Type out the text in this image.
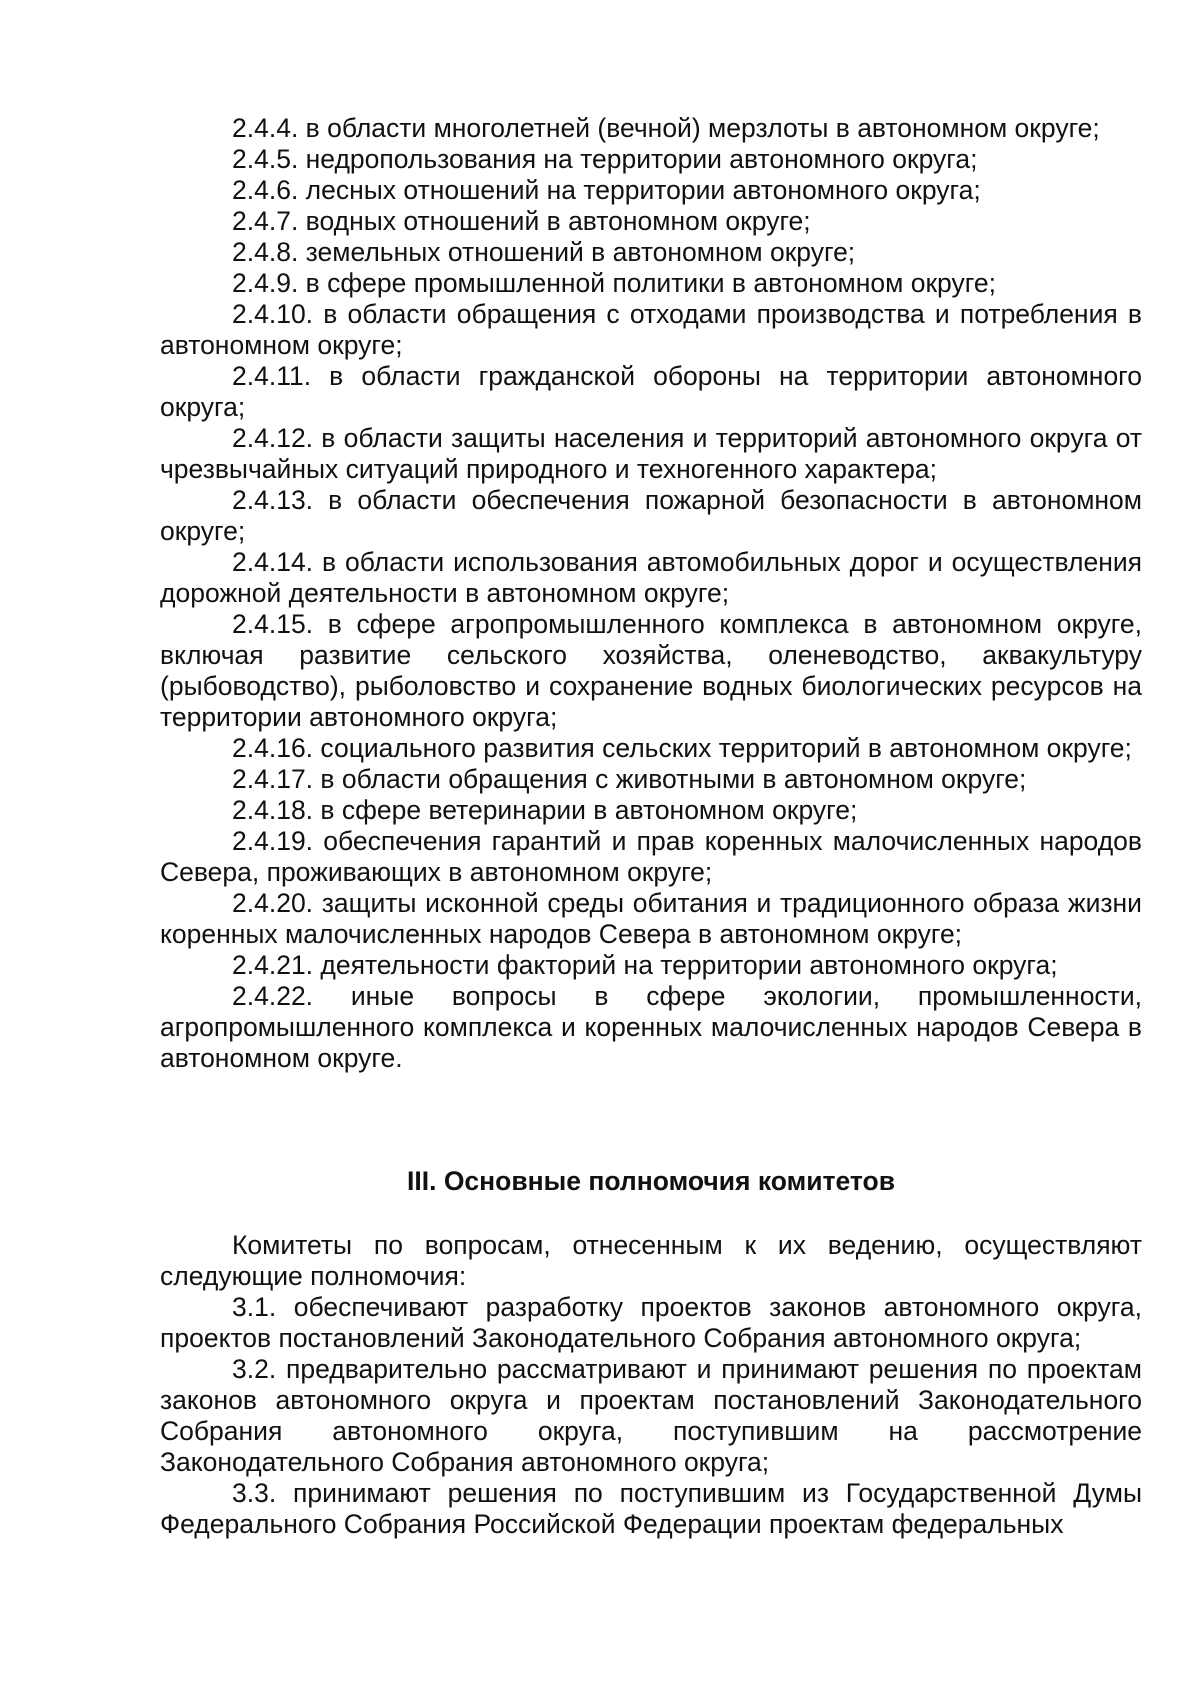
2.4.4. в области многолетней (вечной) мерзлоты в автономном округе;

2.4.5. недропользования на территории автономного округа;

2.4.6. лесных отношений на территории автономного округа;

2.4.7. водных отношений в автономном округе;

2.4.8. земельных отношений в автономном округе;

2.4.9. в сфере промышленной политики в автономном округе;

2.4.10. в области обращения с отходами производства и потребления в автономном округе;

2.4.11. в области гражданской обороны на территории автономного округа;

2.4.12. в области защиты населения и территорий автономного округа от чрезвычайных ситуаций природного и техногенного характера;

2.4.13. в области обеспечения пожарной безопасности в автономном округе;

2.4.14. в области использования автомобильных дорог и осуществления дорожной деятельности в автономном округе;

2.4.15. в сфере агропромышленного комплекса в автономном округе, включая развитие сельского хозяйства, оленеводство, аквакультуру (рыбоводство), рыболовство и сохранение водных биологических ресурсов на территории автономного округа;

2.4.16. социального развития сельских территорий в автономном округе;

2.4.17. в области обращения с животными в автономном округе;

2.4.18. в сфере ветеринарии в автономном округе;

2.4.19. обеспечения гарантий и прав коренных малочисленных народов Севера, проживающих в автономном округе;

2.4.20. защиты исконной среды обитания и традиционного образа жизни коренных малочисленных народов Севера в автономном округе;

2.4.21. деятельности факторий на территории автономного округа;

2.4.22. иные вопросы в сфере экологии, промышленности, агропромышленного комплекса и коренных малочисленных народов Севера в автономном округе.

III. Основные полномочия комитетов

Комитеты по вопросам, отнесенным к их ведению, осуществляют следующие полномочия:

3.1. обеспечивают разработку проектов законов автономного округа, проектов постановлений Законодательного Собрания автономного округа;

3.2. предварительно рассматривают и принимают решения по проектам законов автономного округа и проектам постановлений Законодательного Собрания автономного округа, поступившим на рассмотрение Законодательного Собрания автономного округа;

3.3. принимают решения по поступившим из Государственной Думы Федерального Собрания Российской Федерации проектам федеральных
